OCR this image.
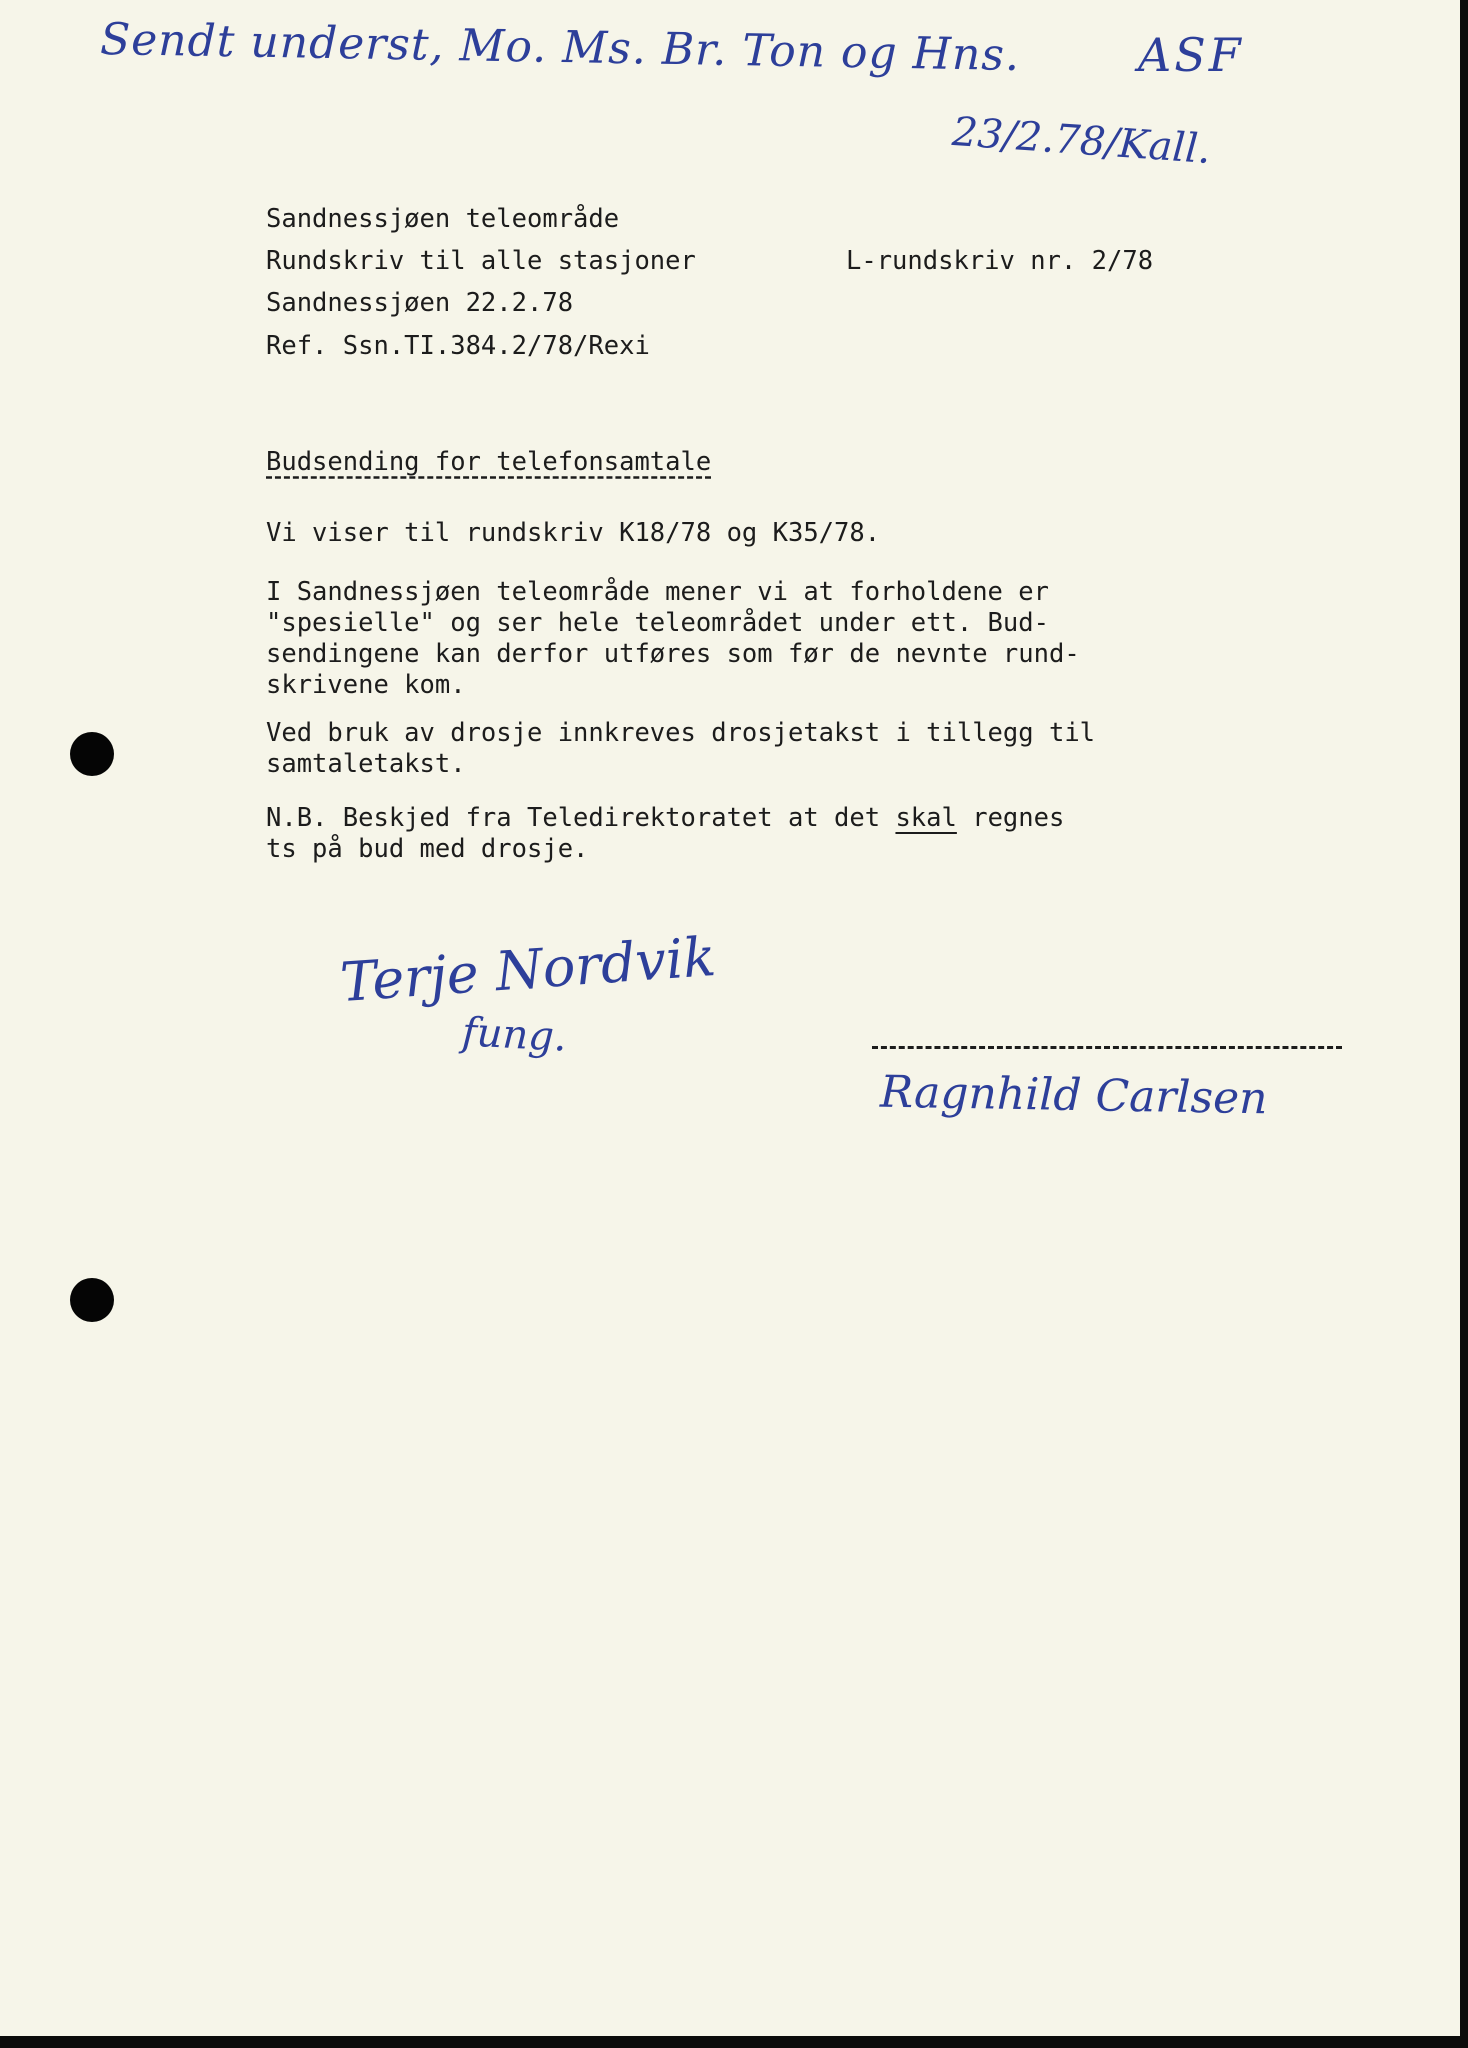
Sendt underst, Mo. Ms. Br. Ton og Hns.	ASF
23/2.78/Kall.
Sandnessjøen teleområde
Rundskriv til alle stasjoner	L-rundskriv nr. 2/78
Sandnessjøen 22.2.78
Ref. Ssn.TI.384.2/78/Rexi
Budsending for telefonsamtale
Vi viser til rundskriv K18/78 og K35/78.
I Sandnessjøen teleområde mener vi at forholdene er
"spesielle" og ser hele teleområdet under ett. Bud-
sendingene kan derfor utføres som før de nevnte rund-
skrivene kom.
Ved bruk av drosje innkreves drosjetakst i tillegg til
samtaletakst.
N.B. Beskjed fra Teledirektoratet at det skal regnes
ts på bud med drosje.
Terje Nordvik
fung.
Ragnhild Carlsen
